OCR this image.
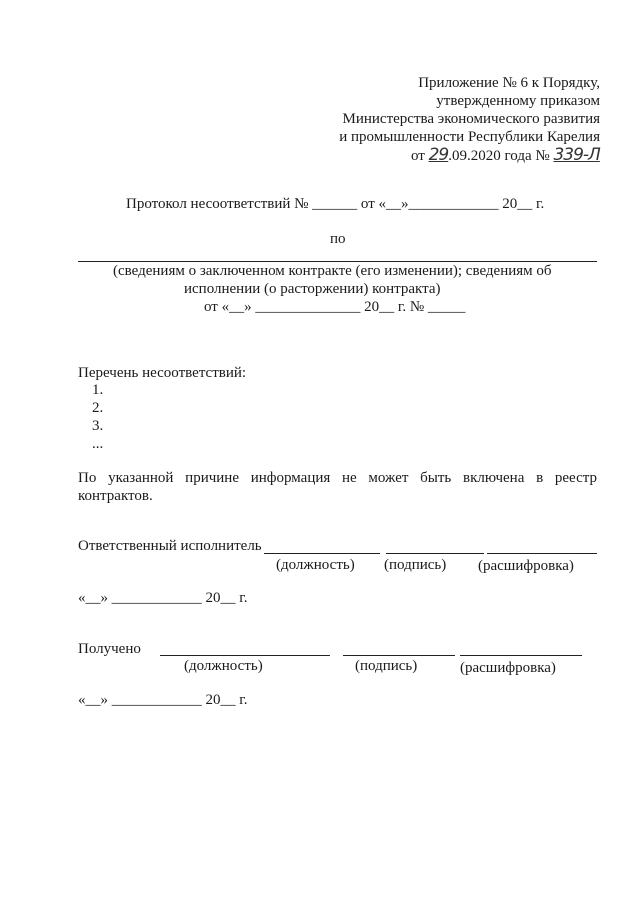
Приложение № 6 к Порядку,
утвержденному приказом
Министерства экономического развития
и промышленности Республики Карелия
от 29.09.2020 года № 339-Л
Протокол несоответствий № ______ от «__»____________ 20__ г.
по
(сведениям о заключенном контракте (его изменении); сведениям об
исполнении (о расторжении) контракта)
от «__» ______________ 20__ г. № _____
Перечень несоответствий:
1.
2.
3.
...
По указанной причине информация не может быть включена в реестр
контрактов.
Ответственный исполнитель
(должность) (подпись) (расшифровка)
«__» ____________ 20__ г.
Получено
(должность)	(подпись)	(расшифровка)
«__» ____________ 20__ г.
